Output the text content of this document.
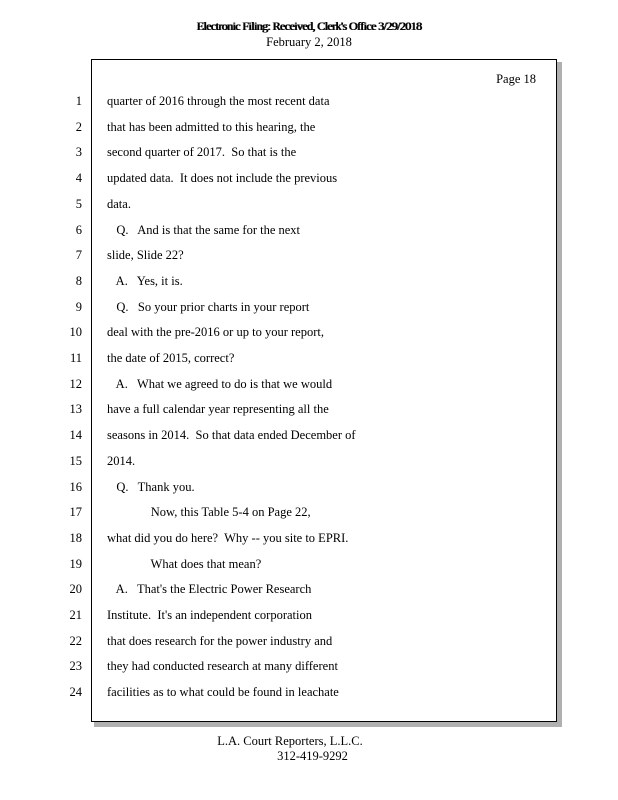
Electronic Filing: Received, Clerk's Office 3/29/2018
February 2, 2018
Page 18
1 quarter of 2016 through the most recent data
2 that has been admitted to this hearing, the
3 second quarter of 2017.  So that is the
4 updated data.  It does not include the previous
5 data.
6 Q.   And is that the same for the next
7 slide, Slide 22?
8 A.   Yes, it is.
9 Q.   So your prior charts in your report
10 deal with the pre-2016 or up to your report,
11 the date of 2015, correct?
12 A.   What we agreed to do is that we would
13 have a full calendar year representing all the
14 seasons in 2014.  So that data ended December of
15 2014.
16 Q.   Thank you.
17 Now, this Table 5-4 on Page 22,
18 what did you do here?  Why -- you site to EPRI.
19 What does that mean?
20 A.   That's the Electric Power Research
21 Institute.  It's an independent corporation
22 that does research for the power industry and
23 they had conducted research at many different
24 facilities as to what could be found in leachate
L.A. Court Reporters, L.L.C.
312-419-9292
